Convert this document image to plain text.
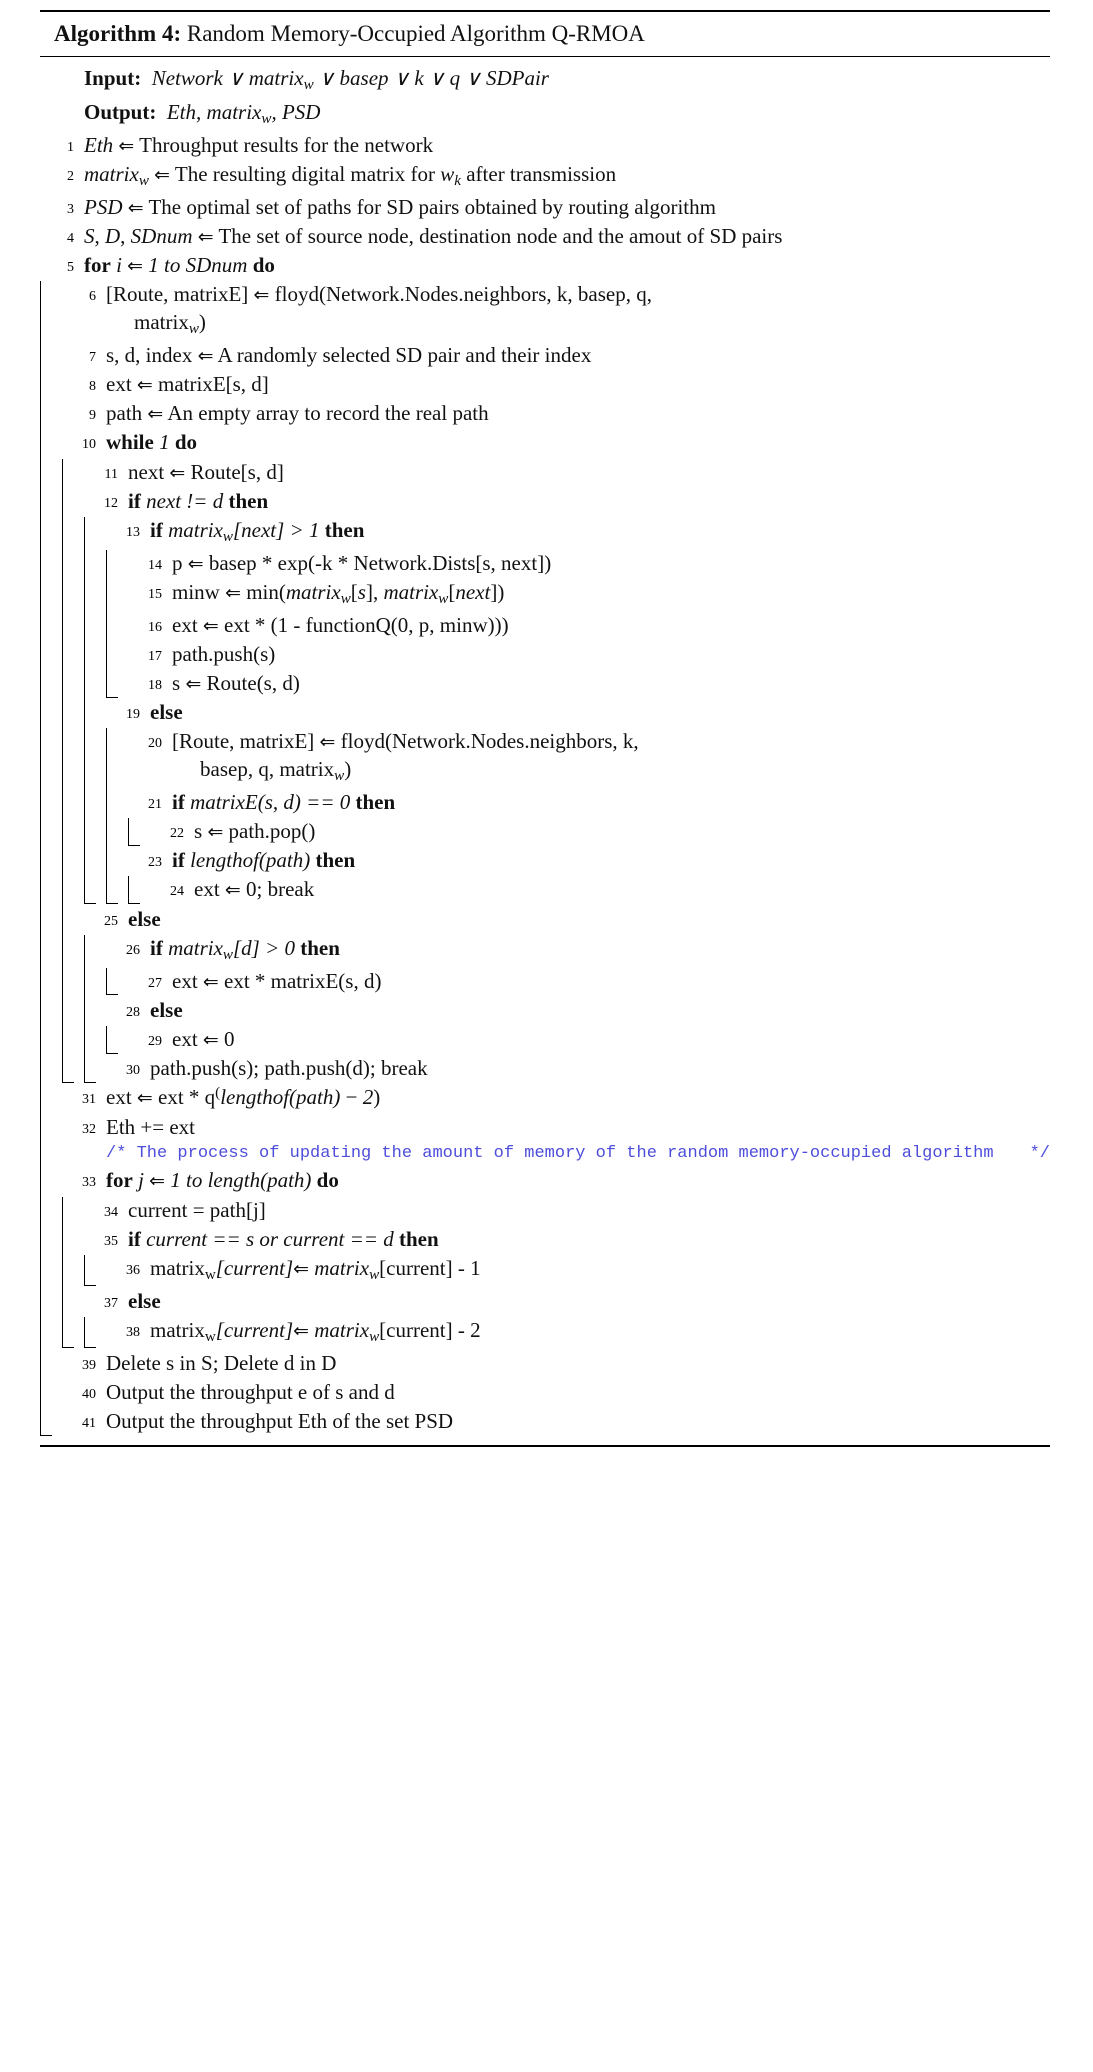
Algorithm 4: Random Memory-Occupied Algorithm Q-RMOA
Input: Network ∨ matrix$_w$ ∨ basep ∨ k ∨ q ∨ SDPair
Output: Eth, matrix$_w$, PSD
1 Eth ⇐ Throughput results for the network
2 matrix$_w$ ⇐ The resulting digital matrix for $w_k$ after transmission
3 PSD ⇐ The optimal set of paths for SD pairs obtained by routing algorithm
4 S, D, SDnum ⇐ The set of source node, destination node and the amout of SD pairs
5 for i ⇐ 1 to SDnum do
6 [Route, matrixE] ⇐ floyd(Network.Nodes.neighbors, k, basep, q,
matrix$_w$)
7 s, d, index ⇐ A randomly selected SD pair and their index
8 ext ⇐ matrixE[s, d]
9 path ⇐ An empty array to record the real path
10 while 1 do
11 next ⇐ Route[s, d]
12 if next != d then
13 if matrix$_w$[next] > 1 then
14 p ⇐ basep * exp(-k * Network.Dists[s, next])
15 minw ⇐ min(matrix$_w$[s], matrix$_w$[next])
16 ext ⇐ ext * (1 - functionQ(0, p, minw)))
17 path.push(s)
18 s ⇐ Route(s, d)
19 else
20 [Route, matrixE] ⇐ floyd(Network.Nodes.neighbors, k,
basep, q, matrix$_w$)
21 if matrixE(s, d) == 0 then
22 s ⇐ path.pop()
23 if lengthof(path) then
24 ext ⇐ 0; break
25 else
26 if matrix$_w$[d] > 0 then
27 ext ⇐ ext * matrixE(s, d)
28 else
29 ext ⇐ 0
30 path.push(s); path.push(d); break
31 ext ⇐ ext * q(lengthof(path) − 2)
32 Eth += ext
/* The process of updating the amount of memory of the random memory-occupied algorithm */
33 for j ⇐ 1 to length(path) do
34 current = path[j]
35 if current == s or current == d then
36 matrix$_w$[current]⇐ matrix$_w$[current] - 1
37 else
38 matrix$_w$[current]⇐ matrix$_w$[current] - 2
39 Delete s in S; Delete d in D
40 Output the throughput e of s and d
41 Output the throughput Eth of the set PSD
